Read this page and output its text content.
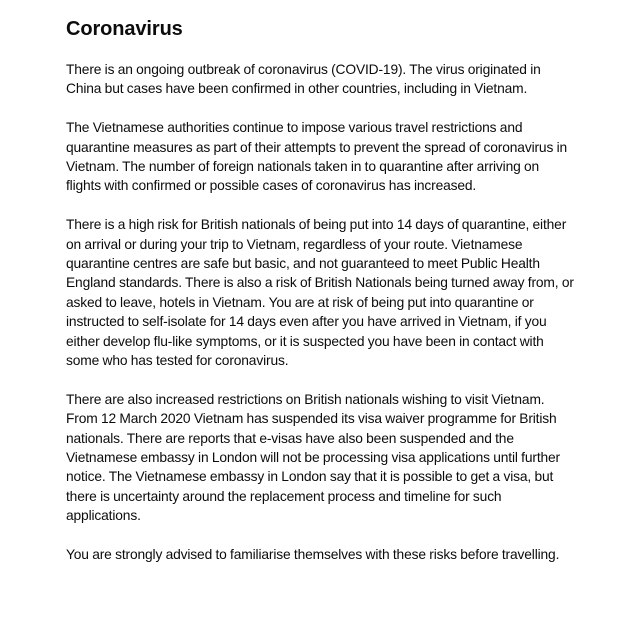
Coronavirus

There is an ongoing outbreak of coronavirus (COVID-19). The virus originated in China but cases have been confirmed in other countries, including in Vietnam.

The Vietnamese authorities continue to impose various travel restrictions and quarantine measures as part of their attempts to prevent the spread of coronavirus in Vietnam. The number of foreign nationals taken in to quarantine after arriving on flights with confirmed or possible cases of coronavirus has increased.

There is a high risk for British nationals of being put into 14 days of quarantine, either on arrival or during your trip to Vietnam, regardless of your route. Vietnamese quarantine centres are safe but basic, and not guaranteed to meet Public Health England standards. There is also a risk of British Nationals being turned away from, or asked to leave, hotels in Vietnam. You are at risk of being put into quarantine or instructed to self-isolate for 14 days even after you have arrived in Vietnam, if you either develop flu-like symptoms, or it is suspected you have been in contact with some who has tested for coronavirus.

There are also increased restrictions on British nationals wishing to visit Vietnam. From 12 March 2020 Vietnam has suspended its visa waiver programme for British nationals. There are reports that e-visas have also been suspended and the Vietnamese embassy in London will not be processing visa applications until further notice. The Vietnamese embassy in London say that it is possible to get a visa, but there is uncertainty around the replacement process and timeline for such applications.

You are strongly advised to familiarise themselves with these risks before travelling.
